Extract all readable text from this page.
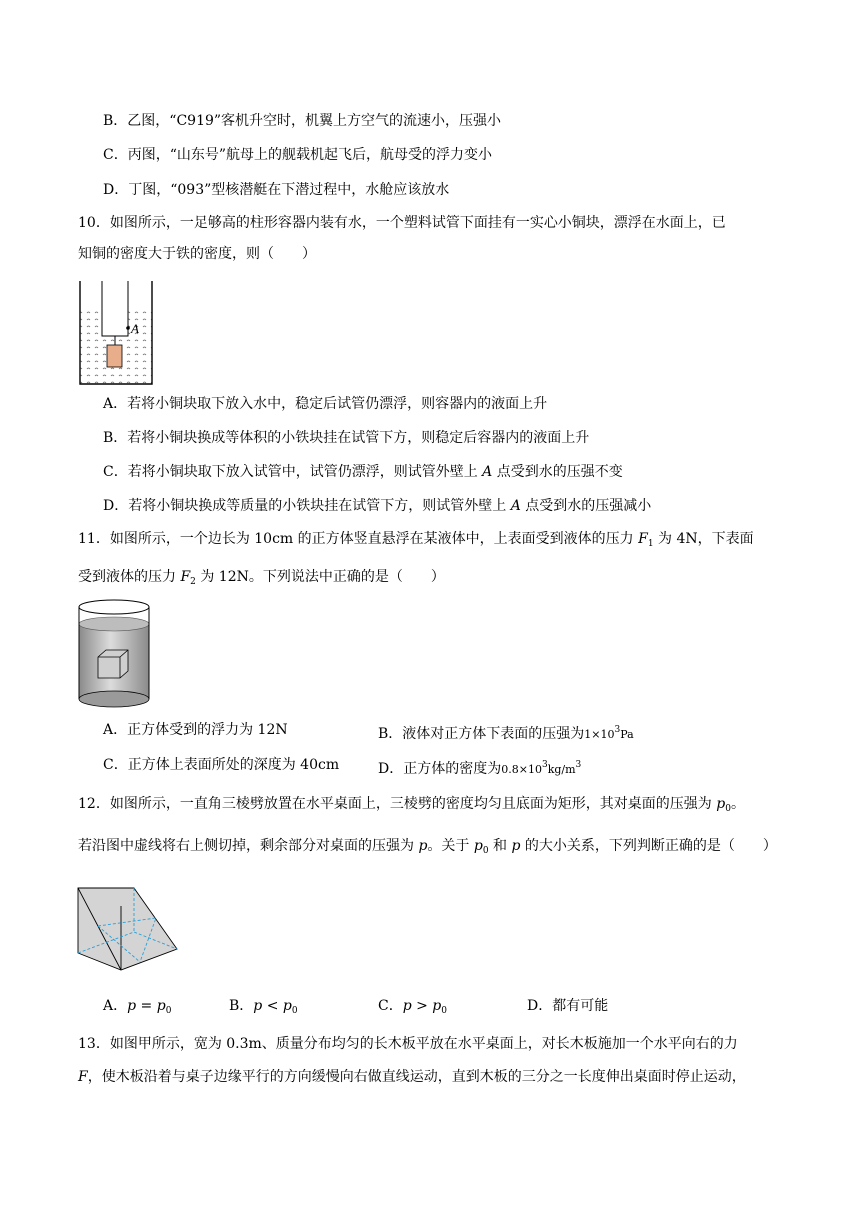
B．乙图，“C919”客机升空时，机翼上方空气的流速小，压强小
C．丙图，“山东号”航母上的舰载机起飞后，航母受的浮力变小
D．丁图，“093”型核潜艇在下潜过程中，水舱应该放水
10．如图所示，一足够高的柱形容器内装有水，一个塑料试管下面挂有一实心小铜块，漂浮在水面上，已
知铜的密度大于铁的密度，则（　　）
A
A．若将小铜块取下放入水中，稳定后试管仍漂浮，则容器内的液面上升
B．若将小铜块换成等体积的小铁块挂在试管下方，则稳定后容器内的液面上升
C．若将小铜块取下放入试管中，试管仍漂浮，则试管外壁上 A 点受到水的压强不变
D．若将小铜块换成等质量的小铁块挂在试管下方，则试管外壁上 A 点受到水的压强减小
11．如图所示，一个边长为 10cm 的正方体竖直悬浮在某液体中，上表面受到液体的压力 $F_1$ 为 4N，下表面
受到液体的压力 $F_2$ 为 12N。下列说法中正确的是（　　）
A．正方体受到的浮力为 12N	B．液体对正方体下表面的压强为$1\times 10^3Pa$
C．正方体上表面所处的深度为 40cm	D．正方体的密度为$0.8\times 10^3kg/m^3$
12．如图所示，一直角三棱劈放置在水平桌面上，三棱劈的密度均匀且底面为矩形，其对桌面的压强为 $p_0$。
若沿图中虚线将右上侧切掉，剩余部分对桌面的压强为 p。关于 $p_0$ 和 p 的大小关系，下列判断正确的是（　　）
A．$p = p_0$	B．$p < p_0$	C．$p > p_0$	D．都有可能
13．如图甲所示，宽为 0.3m、质量分布均匀的长木板平放在水平桌面上，对长木板施加一个水平向右的力
F，使木板沿着与桌子边缘平行的方向缓慢向右做直线运动，直到木板的三分之一长度伸出桌面时停止运动，
